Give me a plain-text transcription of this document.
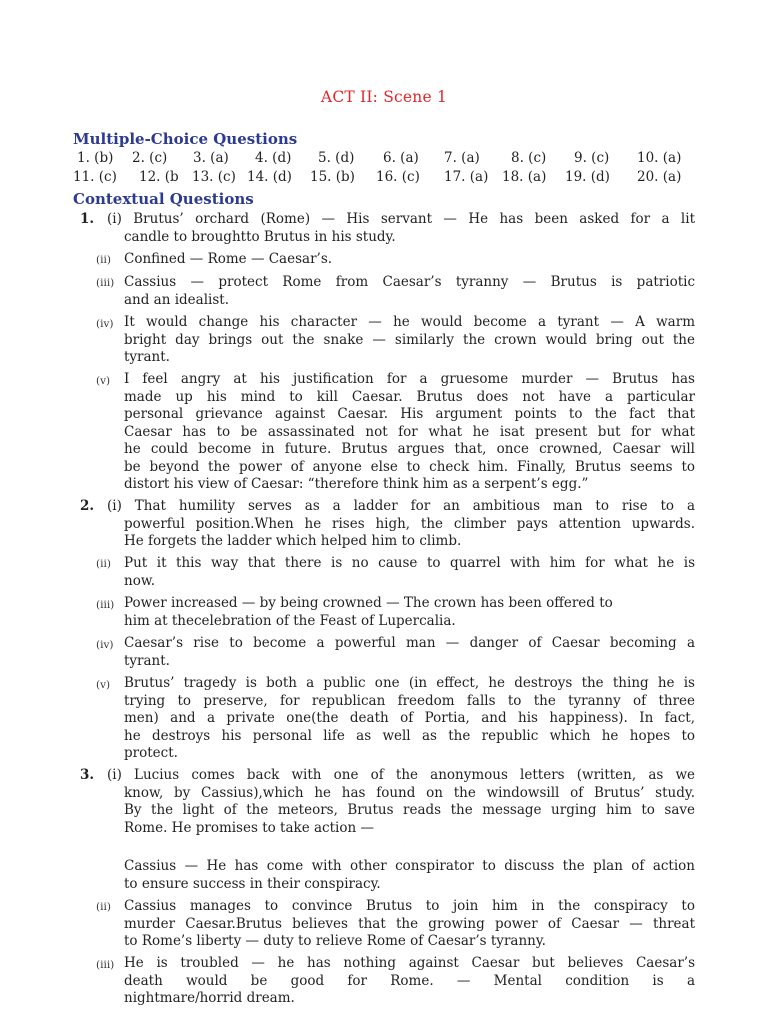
ACT II: Scene 1
Multiple-Choice Questions
1. (b) 2. (c) 3. (a) 4. (d) 5. (d) 6. (a) 7. (a) 8. (c) 9. (c) 10. (a)
11. (c) 12. (b 13. (c) 14. (d) 15. (b) 16. (c) 17. (a) 18. (a) 19. (d) 20. (a)
Contextual Questions
1. (i) Brutus’ orchard (Rome) — His servant — He has been asked for a lit
candle to broughtto Brutus in his study.
(ii) Confined — Rome — Caesar’s.
(iii) Cassius — protect Rome from Caesar’s tyranny — Brutus is patriotic
and an idealist.
(iv) It would change his character — he would become a tyrant — A warm
bright day brings out the snake — similarly the crown would bring out the
tyrant.
(v) I feel angry at his justification for a gruesome murder — Brutus has
made up his mind to kill Caesar. Brutus does not have a particular
personal grievance against Caesar. His argument points to the fact that
Caesar has to be assassinated not for what he isat present but for what
he could become in future. Brutus argues that, once crowned, Caesar will
be beyond the power of anyone else to check him. Finally, Brutus seems to
distort his view of Caesar: “therefore think him as a serpent’s egg.”
2. (i) That humility serves as a ladder for an ambitious man to rise to a
powerful position.When he rises high, the climber pays attention upwards.
He forgets the ladder which helped him to climb.
(ii) Put it this way that there is no cause to quarrel with him for what he is
now.
(iii) Power increased — by being crowned — The crown has been offered to
him at thecelebration of the Feast of Lupercalia.
(iv) Caesar’s rise to become a powerful man — danger of Caesar becoming a
tyrant.
(v) Brutus’ tragedy is both a public one (in effect, he destroys the thing he is
trying to preserve, for republican freedom falls to the tyranny of three
men) and a private one(the death of Portia, and his happiness). In fact,
he destroys his personal life as well as the republic which he hopes to
protect.
3. (i) Lucius comes back with one of the anonymous letters (written, as we
know, by Cassius),which he has found on the windowsill of Brutus’ study.
By the light of the meteors, Brutus reads the message urging him to save
Rome. He promises to take action —
Cassius — He has come with other conspirator to discuss the plan of action
to ensure success in their conspiracy.
(ii) Cassius manages to convince Brutus to join him in the conspiracy to
murder Caesar.Brutus believes that the growing power of Caesar — threat
to Rome’s liberty — duty to relieve Rome of Caesar’s tyranny.
(iii) He is troubled — he has nothing against Caesar but believes Caesar’s
death would be good for Rome. — Mental condition is a
nightmare/horrid dream.
